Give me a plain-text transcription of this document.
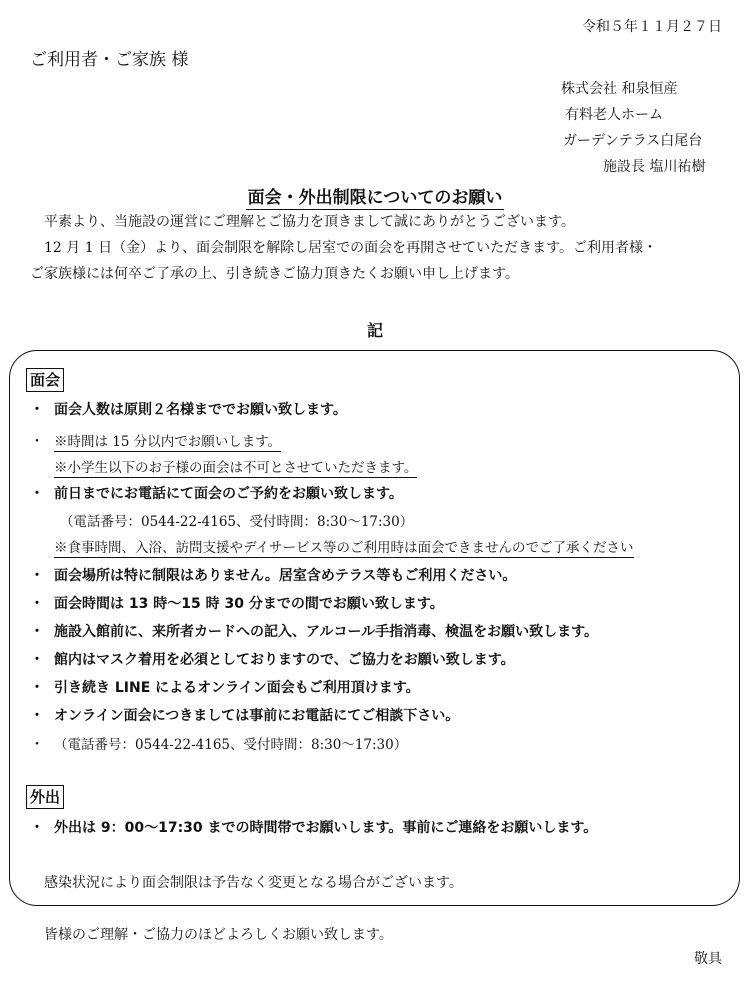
令和５年１１月２７日
ご利用者・ご家族 様
株式会社 和泉恒産
有料老人ホーム
ガーデンテラス白尾台
施設長 塩川祐樹
面会・外出制限についてのお願い
平素より、当施設の運営にご理解とご協力を頂きまして誠にありがとうございます。
12 月 1 日（金）より、面会制限を解除し居室での面会を再開させていただきます。ご利用者様・
ご家族様には何卒ご了承の上、引き続きご協力頂きたくお願い申し上げます。
記
面会
・ 面会人数は原則２名様まででお願い致します。
・ ※時間は 15 分以内でお願いします。
※小学生以下のお子様の面会は不可とさせていただきます。
・ 前日までにお電話にて面会のご予約をお願い致します。
（電話番号：0544-22-4165、受付時間：8:30～17:30）
※食事時間、入浴、訪問支援やデイサービス等のご利用時は面会できませんのでご了承ください
・ 面会場所は特に制限はありません。居室含めテラス等もご利用ください。
・ 面会時間は 13 時～15 時 30 分までの間でお願い致します。
・ 施設入館前に、来所者カードへの記入、アルコール手指消毒、検温をお願い致します。
・ 館内はマスク着用を必須としておりますので、ご協力をお願い致します。
・ 引き続き LINE によるオンライン面会もご利用頂けます。
・ オンライン面会につきましては事前にお電話にてご相談下さい。
・ （電話番号：0544-22-4165、受付時間：8:30～17:30）
外出
・ 外出は 9：00～17:30 までの時間帯でお願いします。事前にご連絡をお願いします。
感染状況により面会制限は予告なく変更となる場合がございます。
皆様のご理解・ご協力のほどよろしくお願い致します。
敬具
